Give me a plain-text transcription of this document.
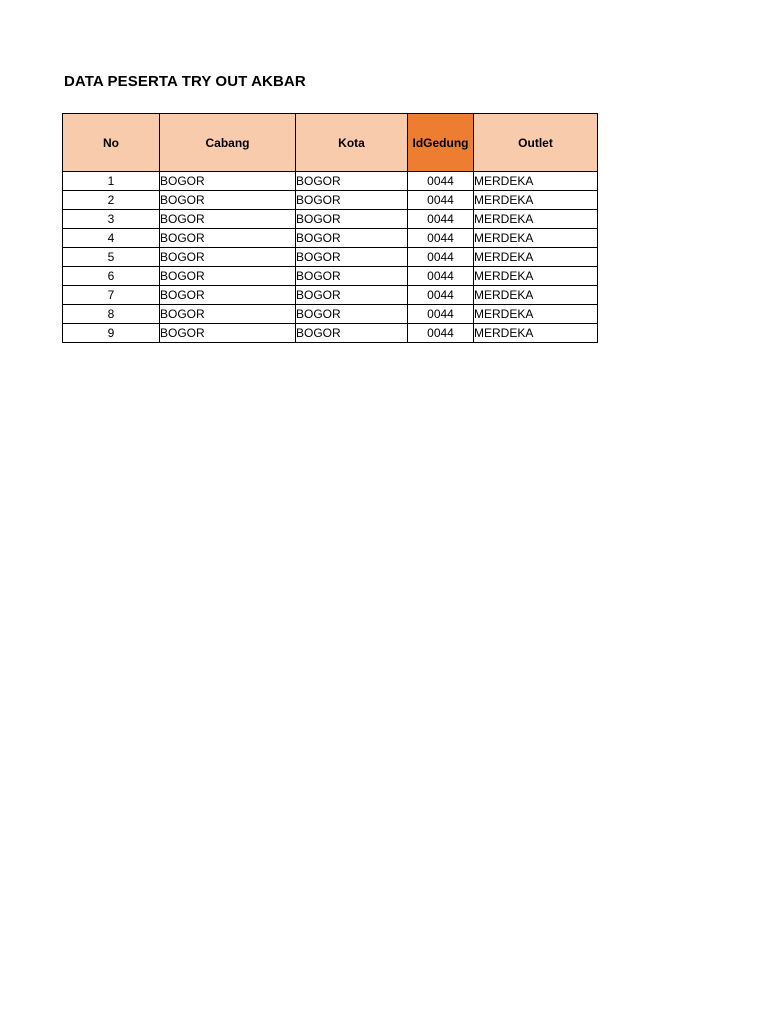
DATA PESERTA TRY OUT AKBAR
No	Cabang	Kota	IdGedung	Outlet
1	BOGOR	BOGOR	0044	MERDEKA
2	BOGOR	BOGOR	0044	MERDEKA
3	BOGOR	BOGOR	0044	MERDEKA
4	BOGOR	BOGOR	0044	MERDEKA
5	BOGOR	BOGOR	0044	MERDEKA
6	BOGOR	BOGOR	0044	MERDEKA
7	BOGOR	BOGOR	0044	MERDEKA
8	BOGOR	BOGOR	0044	MERDEKA
9	BOGOR	BOGOR	0044	MERDEKA
